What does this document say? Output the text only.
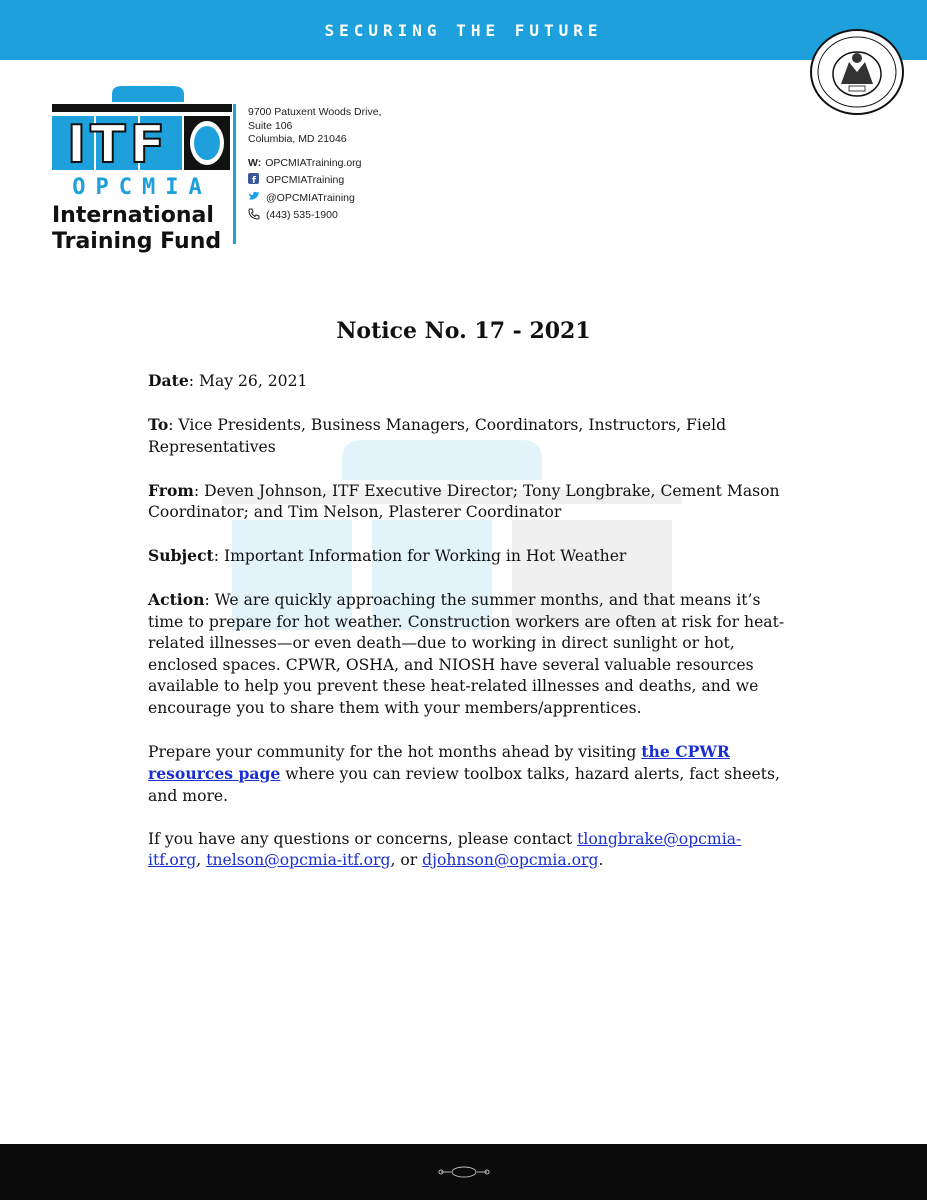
SECURING THE FUTURE
ITF
OPCMIA
International
Training Fund
9700 Patuxent Woods Drive,
Suite 106
Columbia, MD 21046
W: OPCMIATraining.org
f OPCMIATraining
@OPCMIATraining
(443) 535-1900
Notice No. 17 - 2021

Date: May 26, 2021

To: Vice Presidents, Business Managers, Coordinators, Instructors, Field Representatives

From: Deven Johnson, ITF Executive Director; Tony Longbrake, Cement Mason Coordinator; and Tim Nelson, Plasterer Coordinator

Subject: Important Information for Working in Hot Weather

Action: We are quickly approaching the summer months, and that means it’s time to prepare for hot weather. Construction workers are often at risk for heat-related illnesses—or even death—due to working in direct sunlight or hot, enclosed spaces. CPWR, OSHA, and NIOSH have several valuable resources available to help you prevent these heat-related illnesses and deaths, and we encourage you to share them with your members/apprentices.

Prepare your community for the hot months ahead by visiting the CPWR resources page where you can review toolbox talks, hazard alerts, fact sheets, and more.

If you have any questions or concerns, please contact tlongbrake@opcmia-itf.org, tnelson@opcmia-itf.org, or djohnson@opcmia.org.
